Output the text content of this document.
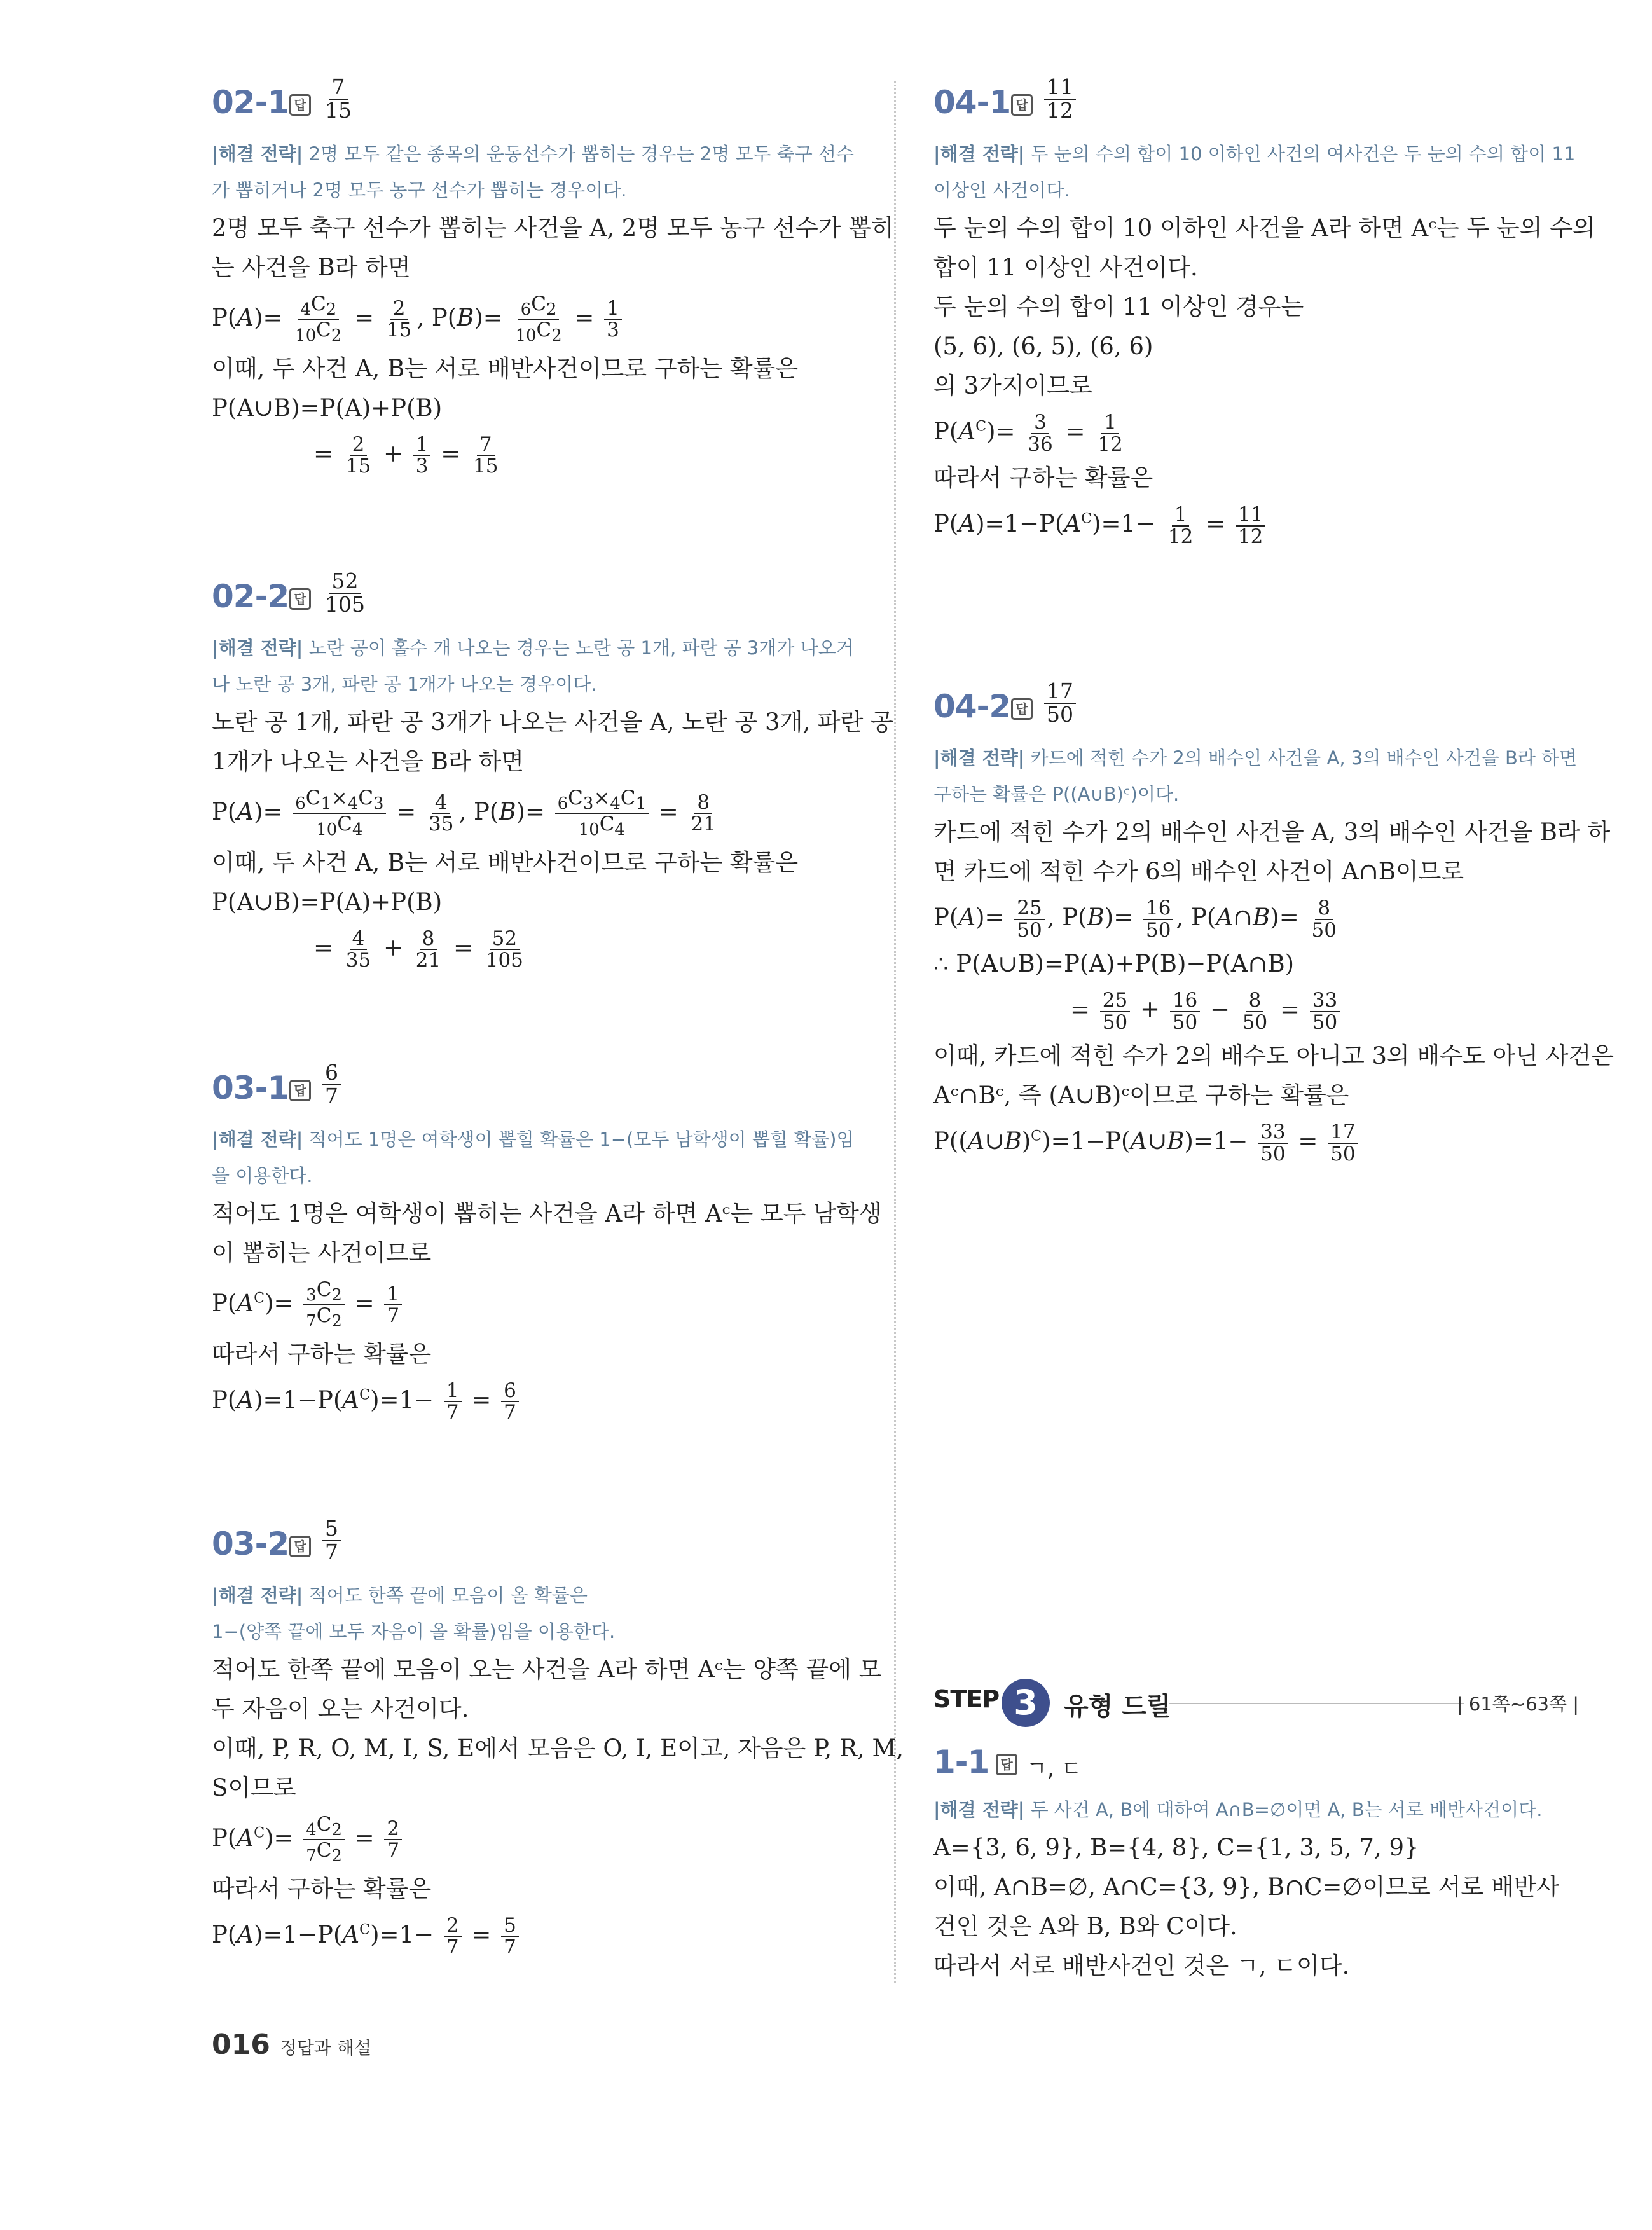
02-1 답 $\frac{7}{15}$
|해결 전략| 2명 모두 같은 종목의 운동선수가 뽑히는 경우는 2명 모두 축구 선수가 뽑히거나 2명 모두 농구 선수가 뽑히는 경우이다.
2명 모두 축구 선수가 뽑히는 사건을 A, 2명 모두 농구 선수가 뽑히
는 사건을 B라 하면
$P(A)= \frac{_4C_2}{_{10}C_2} = \frac{2}{15}$ , $P(B)= \frac{_6C_2}{_{10}C_2} = \frac{1}{3}$
이때, 두 사건 A, B는 서로 배반사건이므로 구하는 확률은
P(A∪B)=P(A)+P(B)
= $\frac{2}{15} + \frac{1}{3} = \frac{7}{15}$
02-2 답 $\frac{52}{105}$
|해결 전략| 노란 공이 홀수 개 나오는 경우는 노란 공 1개, 파란 공 3개가 나오거나 노란 공 3개, 파란 공 1개가 나오는 경우이다.
노란 공 1개, 파란 공 3개가 나오는 사건을 A, 노란 공 3개, 파란 공
1개가 나오는 사건을 B라 하면
$P(A)= \frac{_6C_1\times_4C_3}{_{10}C_4} = \frac{4}{35}$ , $P(B)= \frac{_6C_3\times_4C_1}{_{10}C_4} = \frac{8}{21}$
이때, 두 사건 A, B는 서로 배반사건이므로 구하는 확률은
P(A∪B)=P(A)+P(B)
= $\frac{4}{35} + \frac{8}{21} = \frac{52}{105}$
03-1 답 $\frac{6}{7}$
|해결 전략| 적어도 1명은 여학생이 뽑힐 확률은 1−(모두 남학생이 뽑힐 확률)임을 이용한다.
적어도 1명은 여학생이 뽑히는 사건을 A라 하면 Aᶜ는 모두 남학생
이 뽑히는 사건이므로
$P(A^C)= \frac{_3C_2}{_7C_2} = \frac{1}{7}$
따라서 구하는 확률은
$P(A)=1-P(A^C)=1- \frac{1}{7} = \frac{6}{7}$
03-2 답 $\frac{5}{7}$
|해결 전략| 적어도 한쪽 끝에 모음이 올 확률은
1−(양쪽 끝에 모두 자음이 올 확률)임을 이용한다.
적어도 한쪽 끝에 모음이 오는 사건을 A라 하면 Aᶜ는 양쪽 끝에 모
두 자음이 오는 사건이다.
이때, P, R, O, M, I, S, E에서 모음은 O, I, E이고, 자음은 P, R, M,
S이므로
$P(A^C)= \frac{_4C_2}{_7C_2} = \frac{2}{7}$
따라서 구하는 확률은
$P(A)=1-P(A^C)=1- \frac{2}{7} = \frac{5}{7}$
04-1 답 $\frac{11}{12}$
|해결 전략| 두 눈의 수의 합이 10 이하인 사건의 여사건은 두 눈의 수의 합이 11 이상인 사건이다.
두 눈의 수의 합이 10 이하인 사건을 A라 하면 Aᶜ는 두 눈의 수의
합이 11 이상인 사건이다.
두 눈의 수의 합이 11 이상인 경우는
(5, 6), (6, 5), (6, 6)
의 3가지이므로
$P(A^C)= \frac{3}{36} = \frac{1}{12}$
따라서 구하는 확률은
$P(A)=1-P(A^C)=1- \frac{1}{12} = \frac{11}{12}$
04-2 답 $\frac{17}{50}$
|해결 전략| 카드에 적힌 수가 2의 배수인 사건을 A, 3의 배수인 사건을 B라 하면 구하는 확률은 P((A∪B)ᶜ)이다.
카드에 적힌 수가 2의 배수인 사건을 A, 3의 배수인 사건을 B라 하
면 카드에 적힌 수가 6의 배수인 사건이 A∩B이므로
$P(A)= \frac{25}{50}$ , $P(B)= \frac{16}{50}$ , P(A∩B)= $\frac{8}{50}$
∴ P(A∪B)=P(A)+P(B)−P(A∩B)
= $\frac{25}{50} + \frac{16}{50} - \frac{8}{50} = \frac{33}{50}$
이때, 카드에 적힌 수가 2의 배수도 아니고 3의 배수도 아닌 사건은
Aᶜ∩Bᶜ, 즉 (A∪B)ᶜ이므로 구하는 확률은
P((A∪B)$^C$)=1−P(A∪B)=1− $\frac{33}{50} = \frac{17}{50}$
1-1 답 ㄱ, ㄷ
|해결 전략| 두 사건 A, B에 대하여 A∩B=∅이면 A, B는 서로 배반사건이다.
A={3, 6, 9}, B={4, 8}, C={1, 3, 5, 7, 9}
이때, A∩B=∅, A∩C={3, 9}, B∩C=∅이므로 서로 배반사
건인 것은 A와 B, B와 C이다.
따라서 서로 배반사건인 것은 ㄱ, ㄷ이다.
STEP 3	유형 드릴	| 61쪽~63쪽 |
016 정답과 해설
